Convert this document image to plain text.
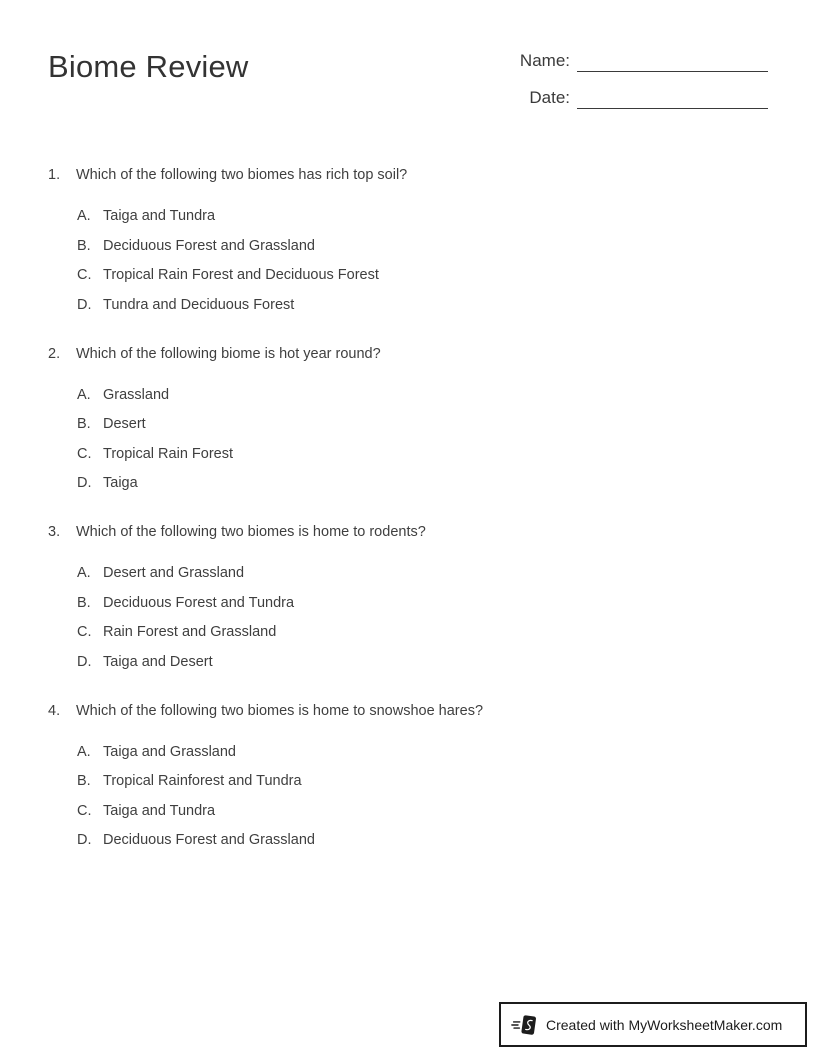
Biome Review	Name:
Date:
1.	Which of the following two biomes has rich top soil?
A. Taiga and Tundra
B. Deciduous Forest and Grassland
C. Tropical Rain Forest and Deciduous Forest
D. Tundra and Deciduous Forest
2.	Which of the following biome is hot year round?
A. Grassland
B. Desert
C. Tropical Rain Forest
D. Taiga
3.	Which of the following two biomes is home to rodents?
A. Desert and Grassland
B. Deciduous Forest and Tundra
C. Rain Forest and Grassland
D. Taiga and Desert
4.	Which of the following two biomes is home to snowshoe hares?
A. Taiga and Grassland
B. Tropical Rainforest and Tundra
C. Taiga and Tundra
D. Deciduous Forest and Grassland
Created with MyWorksheetMaker.com
